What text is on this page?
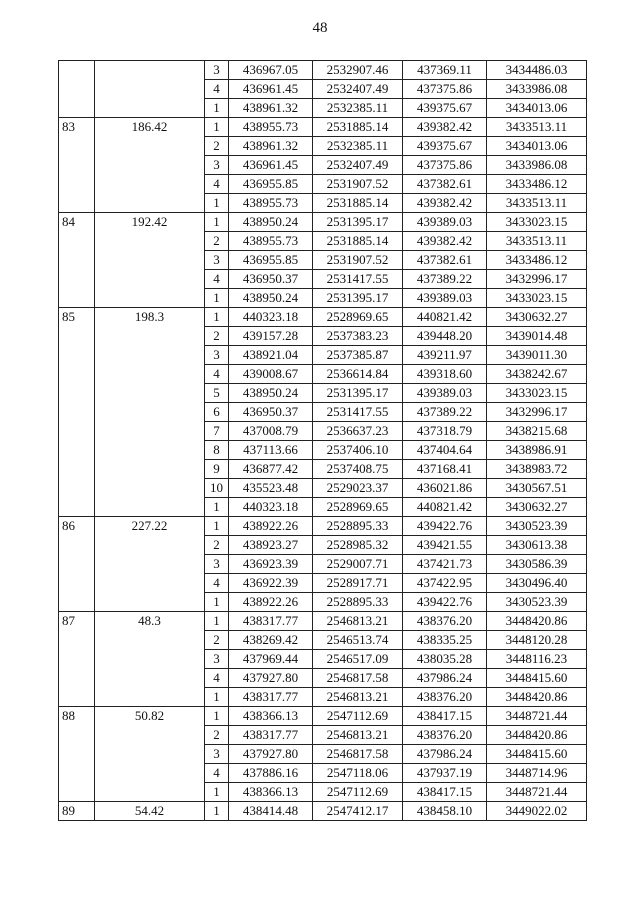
48
		3	436967.05	2532907.46	437369.11	3434486.03
		4	436961.45	2532407.49	437375.86	3433986.08
		1	438961.32	2532385.11	439375.67	3434013.06
83	186.42	1	438955.73	2531885.14	439382.42	3433513.11
		2	438961.32	2532385.11	439375.67	3434013.06
		3	436961.45	2532407.49	437375.86	3433986.08
		4	436955.85	2531907.52	437382.61	3433486.12
		1	438955.73	2531885.14	439382.42	3433513.11
84	192.42	1	438950.24	2531395.17	439389.03	3433023.15
		2	438955.73	2531885.14	439382.42	3433513.11
		3	436955.85	2531907.52	437382.61	3433486.12
		4	436950.37	2531417.55	437389.22	3432996.17
		1	438950.24	2531395.17	439389.03	3433023.15
85	198.3	1	440323.18	2528969.65	440821.42	3430632.27
		2	439157.28	2537383.23	439448.20	3439014.48
		3	438921.04	2537385.87	439211.97	3439011.30
		4	439008.67	2536614.84	439318.60	3438242.67
		5	438950.24	2531395.17	439389.03	3433023.15
		6	436950.37	2531417.55	437389.22	3432996.17
		7	437008.79	2536637.23	437318.79	3438215.68
		8	437113.66	2537406.10	437404.64	3438986.91
		9	436877.42	2537408.75	437168.41	3438983.72
		10	435523.48	2529023.37	436021.86	3430567.51
		1	440323.18	2528969.65	440821.42	3430632.27
86	227.22	1	438922.26	2528895.33	439422.76	3430523.39
		2	438923.27	2528985.32	439421.55	3430613.38
		3	436923.39	2529007.71	437421.73	3430586.39
		4	436922.39	2528917.71	437422.95	3430496.40
		1	438922.26	2528895.33	439422.76	3430523.39
87	48.3	1	438317.77	2546813.21	438376.20	3448420.86
		2	438269.42	2546513.74	438335.25	3448120.28
		3	437969.44	2546517.09	438035.28	3448116.23
		4	437927.80	2546817.58	437986.24	3448415.60
		1	438317.77	2546813.21	438376.20	3448420.86
88	50.82	1	438366.13	2547112.69	438417.15	3448721.44
		2	438317.77	2546813.21	438376.20	3448420.86
		3	437927.80	2546817.58	437986.24	3448415.60
		4	437886.16	2547118.06	437937.19	3448714.96
		1	438366.13	2547112.69	438417.15	3448721.44
89	54.42	1	438414.48	2547412.17	438458.10	3449022.02
